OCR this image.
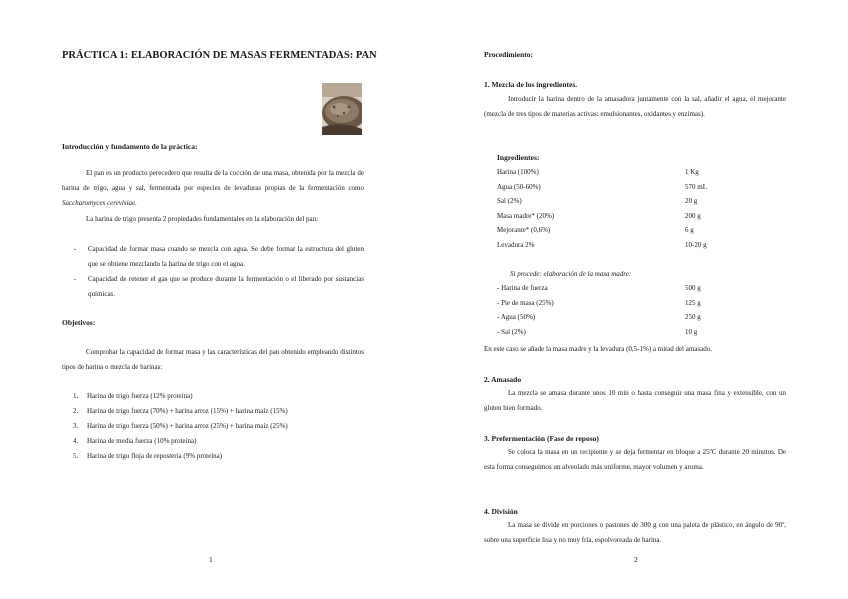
PRÁCTICA 1: ELABORACIÓN DE MASAS FERMENTADAS: PAN
Introducción y fundamento de la práctica:

El pan es un producto perecedero que resulta de la cocción de una masa, obtenida por la mezcla de harina de trigo, agua y sal, fermentada por especies de levaduras propias de la fermentación como Saccharomyces cerevisiae.

La harina de trigo presenta 2 propiedades fundamentales en la elaboración del pan:

- Capacidad de formar masa cuando se mezcla con agua. Se debe formar la estructura del gluten que se obtiene mezclando la harina de trigo con el agua.
- Capacidad de retener el gas que se produce durante la fermentación o el liberado por sustancias químicas.
Objetivos:

Comprobar la capacidad de formar masa y las características del pan obtenido empleando distintos tipos de harina o mezcla de harinas:

1. Harina de trigo fuerza (12% proteína)
2. Harina de trigo fuerza (70%) + harina arroz (15%) + harina maíz (15%)
3. Harina de trigo fuerza (50%) + harina arroz (25%) + harina maíz (25%)
4. Harina de media fuerza (10% proteína)
5. Harina de trigo floja de repostería (9% proteína)
1
Procedimiento:
1. Mezcla de los ingredientes.

Introducir la harina dentro de la amasadora juntamente con la sal, añadir el agua, el mejorante (mezcla de tres tipos de materias activas: emulsionantes, oxidantes y enzimas).

Ingredientes:
Harina (100%)	1 Kg
Agua (50-60%)	570 mL
Sal (2%)	20 g
Masa madre* (20%)	200 g
Mejorante* (0,6%)	6 g
Levadura 2%	10-20 g
Si procede: elaboración de la masa madre:
- Harina de fuerza	500 g
- Pie de masa (25%)	125 g
- Agua (50%)	250 g
- Sal (2%)	10 g

En este caso se añade la masa madre y la levadura (0,5-1%) a mitad del amasado.

2. Amasado

La mezcla se amasa durante unos 10 min o hasta conseguir una masa fina y extensible, con un gluten bien formado.

3. Prefermentación (Fase de reposo)

Se coloca la masa en un recipiente y se deja fermentar en bloque a 25ºC durante 20 minutos. De esta forma conseguimos un alveolado más uniforme, mayor volumen y aroma.

4. División

La masa se divide en porciones o pastones de 300 g con una paleta de plástico, en ángulo de 90º, sobre una superficie lisa y no muy fría, espolvoreada de harina.

2
